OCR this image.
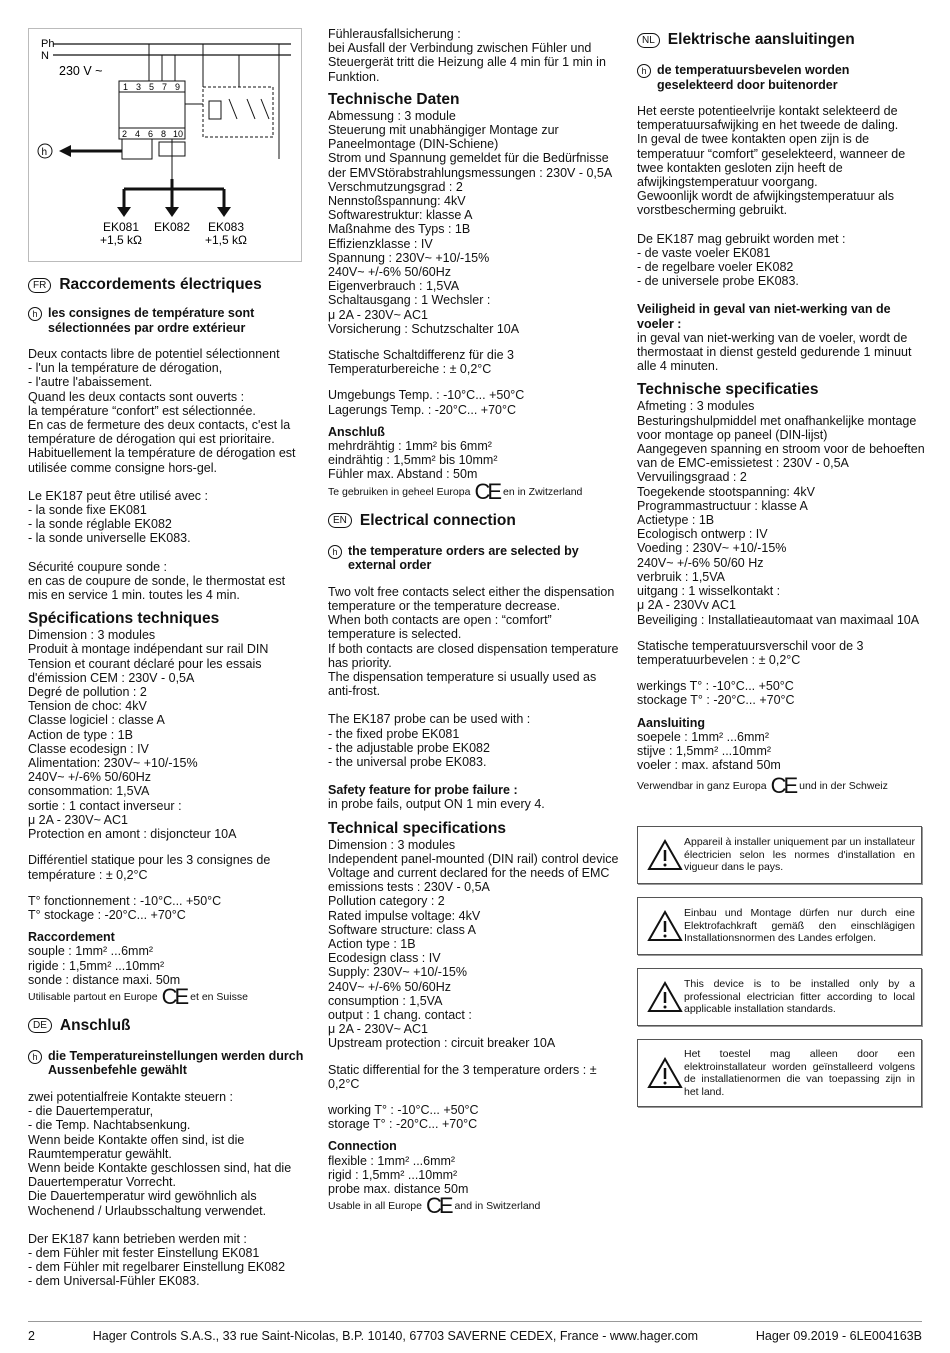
Ph
N
230 V ~
1 3 5 7 9
2 4 6 8 10
h
EK081
+1,5 kΩ
EK082 EK083
+1,5 kΩ
FR Raccordements électriques
h les consignes de température sont sélectionnées par ordre extérieur

Deux contacts libre de potentiel sélectionnent
- l'un la température de dérogation,
- l'autre l'abaissement.
Quand les deux contacts sont ouverts :
la température “confort” est sélectionnée.
En cas de fermeture des deux contacts, c'est la température de dérogation qui est prioritaire.
Habituellement la température de dérogation est utilisée comme consigne hors-gel.

Le EK187 peut être utilisé avec :
- la sonde fixe EK081
- la sonde réglable EK082
- la sonde universelle EK083.

Sécurité coupure sonde :

en cas de coupure de sonde, le thermostat est mis en service 1 min. toutes les 4 min.

Spécifications techniques

Dimension : 3 modules
Produit à montage indépendant sur rail DIN
Tension et courant déclaré pour les essais d'émission CEM : 230V - 0,5A
Degré de pollution : 2
Tension de choc: 4kV
Classe logiciel : classe A
Action de type : 1B
Classe ecodesign : IV
Alimentation: 230V~ +10/-15%
240V~ +/-6% 50/60Hz
consommation: 1,5VA
sortie : 1 contact inverseur :
μ 2A - 230V~ AC1
Protection en amont : disjoncteur 10A

Différentiel statique pour les 3 consignes de température : ± 0,2°C

T° fonctionnement : -10°C... +50°C
T° stockage : -20°C... +70°C

Raccordement

souple : 1mm² ...6mm²
rigide : 1,5mm² ...10mm²
sonde : distance maxi. 50m

Utilisable partout en Europe CE et en Suisse
DE Anschluß
h die Temperatureinstellungen werden durch Aussenbefehle gewählt

zwei potentialfreie Kontakte steuern :
- die Dauertemperatur,
- die Temp. Nachtabsenkung.
Wenn beide Kontakte offen sind, ist die Raumtemperatur gewählt.
Wenn beide Kontakte geschlossen sind, hat die Dauertemperatur Vorrecht.
Die Dauertemperatur wird gewöhnlich als Wochenend / Urlaubsschaltung verwendet.

Der EK187 kann betrieben werden mit :
- dem Fühler mit fester Einstellung EK081
- dem Fühler mit regelbarer Einstellung EK082
- dem Universal-Fühler EK083.

Fühlerausfallsicherung :

bei Ausfall der Verbindung zwischen Fühler und Steuergerät tritt die Heizung alle 4 min für 1 min in Funktion.

Technische Daten

Abmessung : 3 module
Steuerung mit unabhängiger Montage zur Paneelmontage (DIN-Schiene)
Strom und Spannung gemeldet für die Bedürfnisse der EMVStörabstrahlungsmessungen : 230V - 0,5A
Verschmutzungsgrad : 2
Nennstoßspannung: 4kV
Softwarestruktur: klasse A
Maßnahme des Typs : 1B
Effizienzklasse : IV
Spannung : 230V~ +10/-15%
240V~ +/-6% 50/60Hz
Eigenverbrauch : 1,5VA
Schaltausgang : 1 Wechsler :
μ 2A - 230V~ AC1
Vorsicherung : Schutzschalter 10A

Statische Schaltdifferenz für die 3 Temperaturbereiche : ± 0,2°C

Umgebungs Temp. : -10°C... +50°C
Lagerungs Temp. : -20°C... +70°C

Anschluß

mehrdrähtig : 1mm² bis 6mm²
eindrähtig : 1,5mm² bis 10mm²
Fühler max. Abstand : 50m

Te gebruiken in geheel Europa CE en in Zwitzerland
EN Electrical connection
h the temperature orders are selected by external order

Two volt free contacts select either the dispensation temperature or the temperature decrease.
When both contacts are open : “comfort” temperature is selected.
If both contacts are closed dispensation temperature has priority.
The dispensation temperature si usually used as anti-frost.

The EK187 probe can be used with :
- the fixed probe EK081
- the adjustable probe EK082
- the universal probe EK083.

Safety feature for probe failure :

in probe fails, output ON 1 min every 4.

Technical specifications

Dimension : 3 modules
Independent panel-mounted (DIN rail) control device
Voltage and current declared for the needs of EMC emissions tests : 230V - 0,5A
Pollution category : 2
Rated impulse voltage: 4kV
Software structure: class A
Action type : 1B
Ecodesign class : IV
Supply: 230V~ +10/-15%
240V~ +/-6% 50/60Hz
consumption : 1,5VA
output : 1 chang. contact :
μ 2A - 230V~ AC1
Upstream protection : circuit breaker 10A

Static differential for the 3 temperature orders : ± 0,2°C

working T° : -10°C... +50°C
storage T° : -20°C... +70°C

Connection

flexible : 1mm² ...6mm²
rigid : 1,5mm² ...10mm²
probe max. distance 50m

Usable in all Europe CE and in Switzerland
NL Elektrische aansluitingen
h de temperatuursbevelen worden geselekteerd door buitenorder

Het eerste potentieelvrije kontakt selekteerd de temperatuursafwijking en het tweede de daling.
In geval de twee kontakten open zijn is de temperatuur “comfort” geselekteerd, wanneer de twee kontakten gesloten zijn heeft de afwijkingstemperatuur voorgang.
Gewoonlijk wordt de afwijkingstemperatuur als vorstbescherming gebruikt.

De EK187 mag gebruikt worden met :
- de vaste voeler EK081
- de regelbare voeler EK082
- de universele probe EK083.

Veiligheid in geval van niet-werking van de voeler :

in geval van niet-werking van de voeler, wordt de thermostaat in dienst gesteld gedurende 1 minuut alle 4 minuten.

Technische specificaties

Afmeting : 3 modules
Besturingshulpmiddel met onafhankelijke montage voor montage op paneel (DIN-lijst)
Aangegeven spanning en stroom voor de behoeften van de EMC-emissietest : 230V - 0,5A
Vervuilingsgraad : 2
Toegekende stootspanning: 4kV
Programmastructuur : klasse A
Actietype : 1B
Ecologisch ontwerp : IV
Voeding : 230V~ +10/-15%
240V~ +/-6% 50/60 Hz
verbruik : 1,5VA
uitgang : 1 wisselkontakt :
μ 2A - 230Vv AC1
Beveiliging : Installatieautomaat van maximaal 10A

Statische temperatuursverschil voor de 3 temperatuurbevelen : ± 0,2°C

werkings T° : -10°C... +50°C
stockage T° : -20°C... +70°C

Aansluiting

soepele : 1mm² ...6mm²
stijve : 1,5mm² ...10mm²
voeler : max. afstand 50m

Verwendbar in ganz Europa CE und in der Schweiz
Appareil à installer uniquement par un installateur électricien selon les normes d'installation en vigueur dans le pays.
Einbau und Montage dürfen nur durch eine Elektrofachkraft gemäß den einschlägigen Installationsnormen des Landes erfolgen.
This device is to be installed only by a professional electrician fitter according to local applicable installation standards.
Het toestel mag alleen door een elektroinstallateur worden geïnstalleerd volgens de installatienormen die van toepassing zijn in het land.
2	Hager Controls S.A.S., 33 rue Saint-Nicolas, B.P. 10140, 67703 SAVERNE CEDEX, France - www.hager.com	Hager 09.2019 - 6LE004163B
